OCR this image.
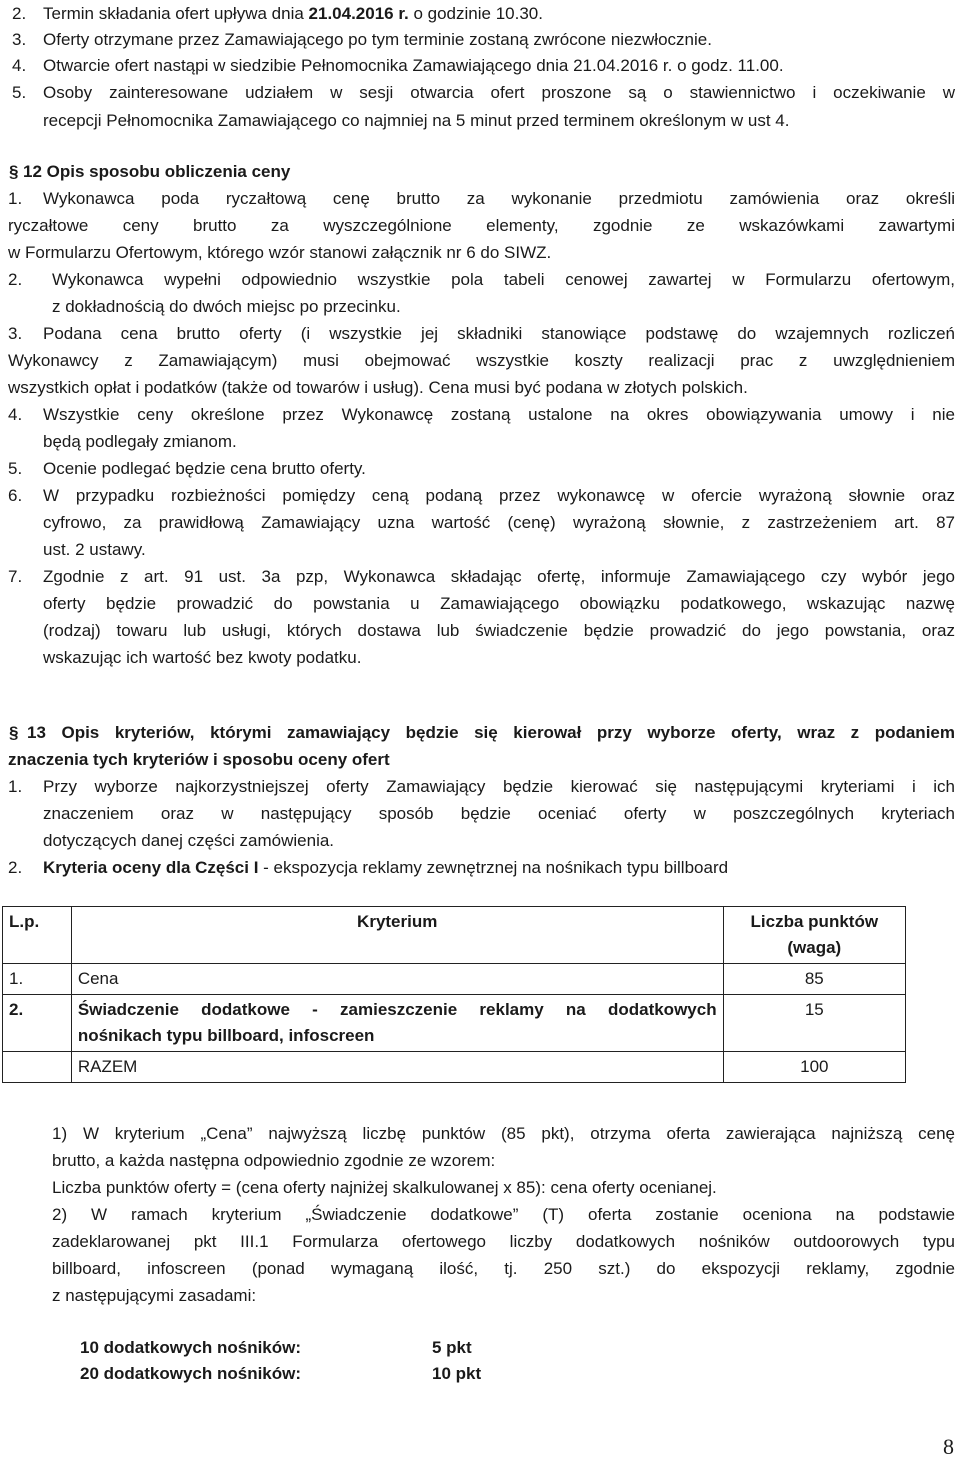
2. Termin składania ofert upływa dnia 21.04.2016 r. o godzinie 10.30.
3. Oferty otrzymane przez Zamawiającego po tym terminie zostaną zwrócone niezwłocznie.
4. Otwarcie ofert nastąpi w siedzibie Pełnomocnika Zamawiającego dnia 21.04.2016 r. o godz. 11.00.
5. Osoby zainteresowane udziałem w sesji otwarcia ofert proszone są o stawiennictwo i oczekiwanie w
recepcji Pełnomocnika Zamawiającego co najmniej na 5 minut przed terminem określonym w ust 4.
§ 12 Opis sposobu obliczenia ceny
1. Wykonawca poda ryczałtową cenę brutto za wykonanie przedmiotu zamówienia oraz określi
ryczałtowe ceny brutto za wyszczególnione elementy, zgodnie ze wskazówkami zawartymi
w Formularzu Ofertowym, którego wzór stanowi załącznik nr 6 do SIWZ.
2. Wykonawca wypełni odpowiednio wszystkie pola tabeli cenowej zawartej w Formularzu ofertowym,
z dokładnością do dwóch miejsc po przecinku.
3. Podana cena brutto oferty (i wszystkie jej składniki stanowiące podstawę do wzajemnych rozliczeń
Wykonawcy z Zamawiającym) musi obejmować wszystkie koszty realizacji prac z uwzględnieniem
wszystkich opłat i podatków (także od towarów i usług). Cena musi być podana w złotych polskich.
4. Wszystkie ceny określone przez Wykonawcę zostaną ustalone na okres obowiązywania umowy i nie
będą podlegały zmianom.
5. Ocenie podlegać będzie cena brutto oferty.
6. W przypadku rozbieżności pomiędzy ceną podaną przez wykonawcę w ofercie wyrażoną słownie oraz
cyfrowo, za prawidłową Zamawiający uzna wartość (cenę) wyrażoną słownie, z zastrzeżeniem art. 87
ust. 2 ustawy.
7. Zgodnie z art. 91 ust. 3a pzp, Wykonawca składając ofertę, informuje Zamawiającego czy wybór jego
oferty będzie prowadzić do powstania u Zamawiającego obowiązku podatkowego, wskazując nazwę
(rodzaj) towaru lub usługi, których dostawa lub świadczenie będzie prowadzić do jego powstania, oraz
wskazując ich wartość bez kwoty podatku.
§ 13 Opis kryteriów, którymi zamawiający będzie się kierował przy wyborze oferty, wraz z podaniem
znaczenia tych kryteriów i sposobu oceny ofert
1. Przy wyborze najkorzystniejszej oferty Zamawiający będzie kierować się następującymi kryteriami i ich
znaczeniem oraz w następujący sposób będzie oceniać oferty w poszczególnych kryteriach
dotyczących danej części zamówienia.
2. Kryteria oceny dla Części I - ekspozycja reklamy zewnętrznej na nośnikach typu billboard
L.p.	Kryterium	Liczba punktów
(waga)

1.	Cena	85
2.	Świadczenie dodatkowe - zamieszczenie reklamy na dodatkowych
nośnikach typu billboard, infoscreen	15
	RAZEM	100
1) W kryterium „Cena” najwyższą liczbę punktów (85 pkt), otrzyma oferta zawierająca najniższą cenę
brutto, a każda następna odpowiednio zgodnie ze wzorem:
Liczba punktów oferty = (cena oferty najniżej skalkulowanej x 85): cena oferty ocenianej.
2) W ramach kryterium „Świadczenie dodatkowe” (T) oferta zostanie oceniona na podstawie
zadeklarowanej pkt III.1 Formularza ofertowego liczby dodatkowych nośników outdoorowych typu
billboard, infoscreen (ponad wymaganą ilość, tj. 250 szt.) do ekspozycji reklamy, zgodnie
z następującymi zasadami:
10 dodatkowych nośników:	5 pkt
20 dodatkowych nośników:	10 pkt
8
